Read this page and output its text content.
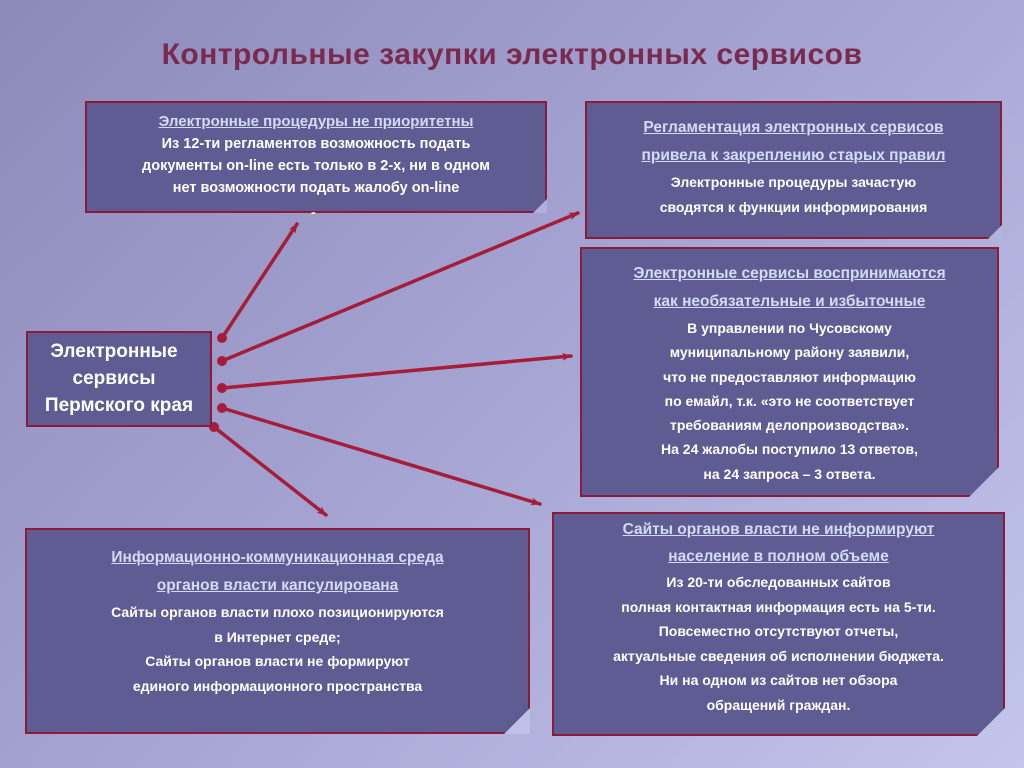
Контрольные закупки электронных сервисов
Электронные
сервисы
Пермского края
Электронные процедуры не приоритетны
Из 12-ти регламентов возможность подать
документы on-line есть только в 2-х, ни в одном
нет возможности подать жалобу on-line
-
Регламентация электронных сервисов
привела к закреплению старых правил
Электронные процедуры зачастую
сводятся к функции информирования
Электронные сервисы воспринимаются
как необязательные и избыточные
В управлении по Чусовскому
муниципальному району заявили,
что не предоставляют информацию
по емайл, т.к. «это не соответствует
требованиям делопроизводства».
На 24 жалобы поступило 13 ответов,
на 24 запроса – 3 ответа.
Информационно-коммуникационная среда
органов власти капсулирована
Сайты органов власти плохо позиционируются
в Интернет среде;
Сайты органов власти не формируют
единого информационного пространства
Сайты органов власти не информируют
население в полном объеме
Из 20-ти обследованных сайтов
полная контактная информация есть на 5-ти.
Повсеместно отсутствуют отчеты,
актуальные сведения об исполнении бюджета.
Ни на одном из сайтов нет обзора
обращений граждан.
